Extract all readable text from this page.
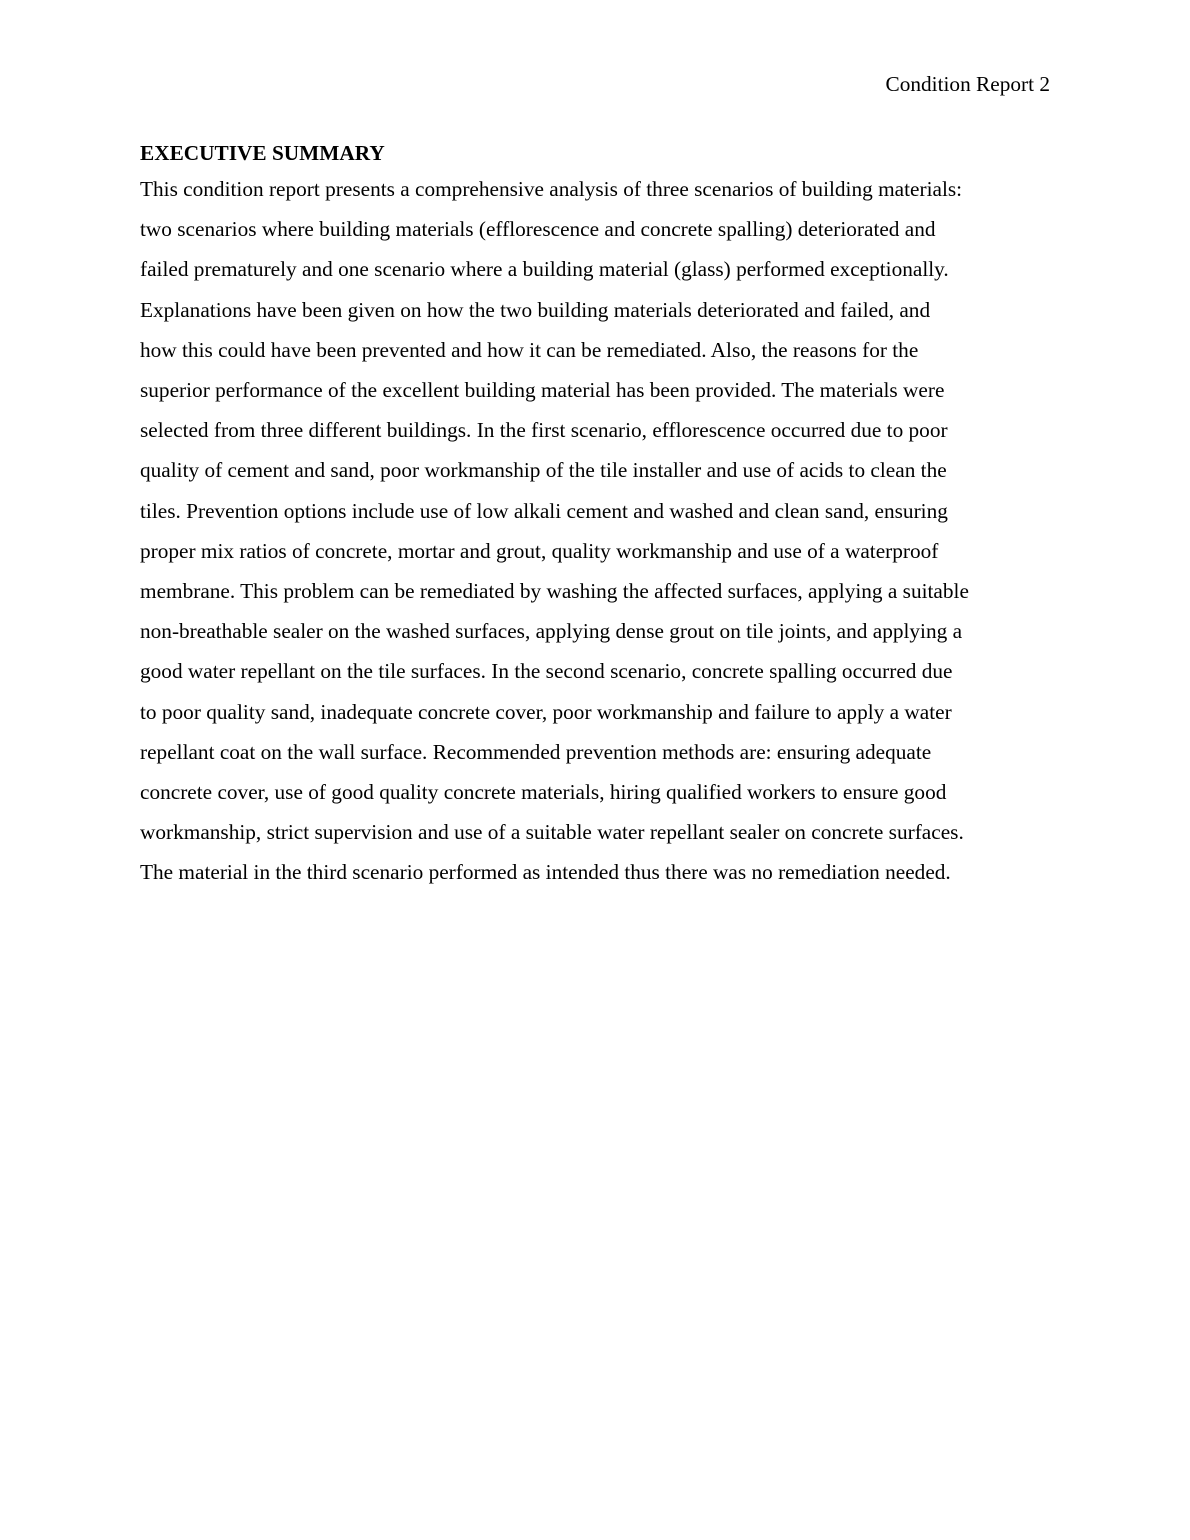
Condition Report 2
EXECUTIVE SUMMARY

This condition report presents a comprehensive analysis of three scenarios of building materials:
two scenarios where building materials (efflorescence and concrete spalling) deteriorated and
failed prematurely and one scenario where a building material (glass) performed exceptionally.
Explanations have been given on how the two building materials deteriorated and failed, and
how this could have been prevented and how it can be remediated. Also, the reasons for the
superior performance of the excellent building material has been provided. The materials were
selected from three different buildings. In the first scenario, efflorescence occurred due to poor
quality of cement and sand, poor workmanship of the tile installer and use of acids to clean the
tiles. Prevention options include use of low alkali cement and washed and clean sand, ensuring
proper mix ratios of concrete, mortar and grout, quality workmanship and use of a waterproof
membrane. This problem can be remediated by washing the affected surfaces, applying a suitable
non-breathable sealer on the washed surfaces, applying dense grout on tile joints, and applying a
good water repellant on the tile surfaces. In the second scenario, concrete spalling occurred due
to poor quality sand, inadequate concrete cover, poor workmanship and failure to apply a water
repellant coat on the wall surface. Recommended prevention methods are: ensuring adequate
concrete cover, use of good quality concrete materials, hiring qualified workers to ensure good
workmanship, strict supervision and use of a suitable water repellant sealer on concrete surfaces.
The material in the third scenario performed as intended thus there was no remediation needed.
